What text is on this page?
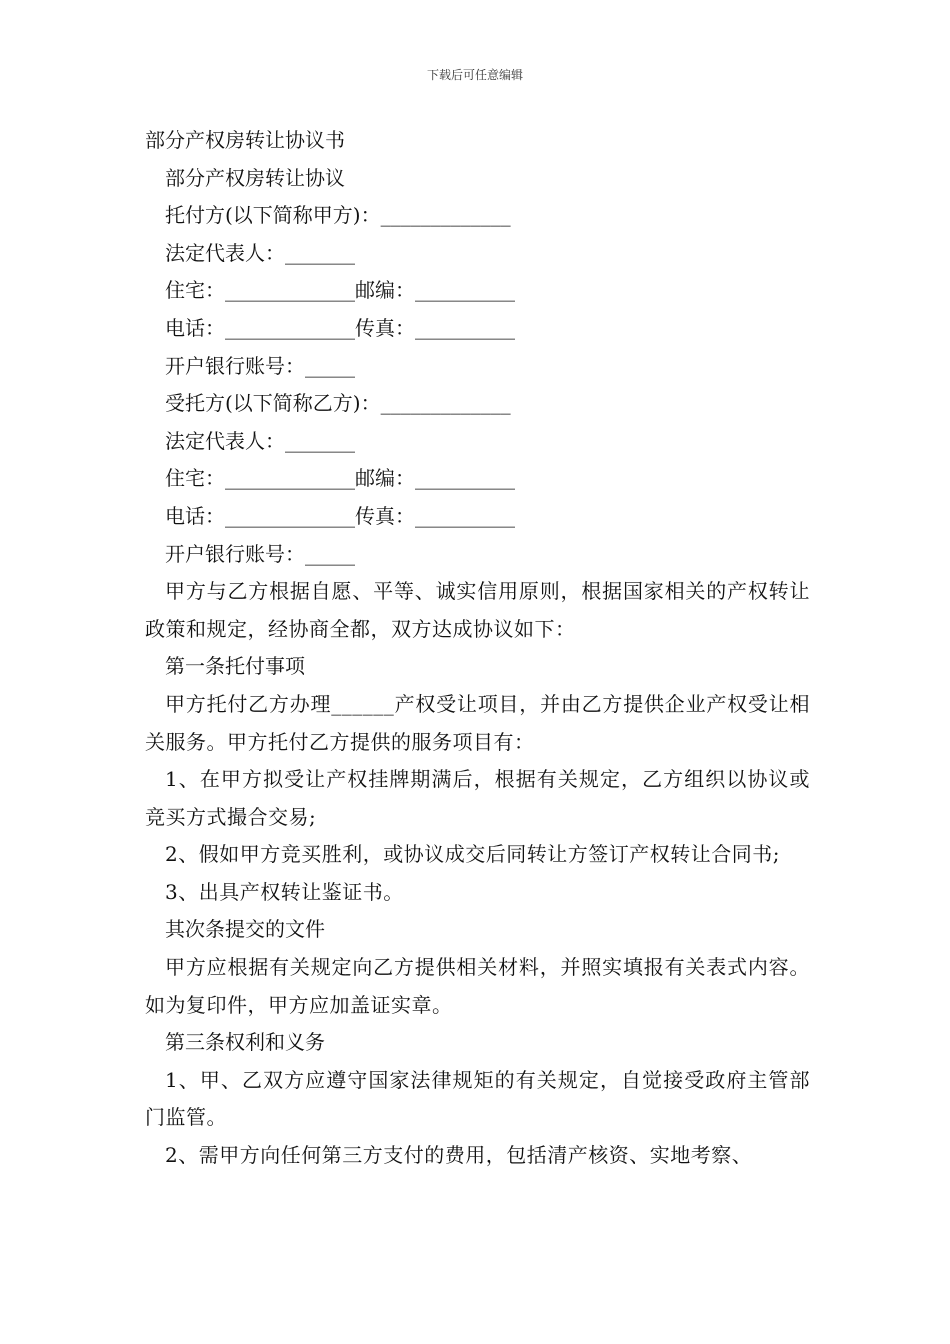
下载后可任意编辑
部分产权房转让协议书
部分产权房转让协议
托付方(以下简称甲方)：_____________
法定代表人：_______
住宅：_____________邮编：__________
电话：_____________传真：__________
开户银行账号：_____
受托方(以下简称乙方)：_____________
法定代表人：_______
住宅：_____________邮编：__________
电话：_____________传真：__________
开户银行账号：_____
甲方与乙方根据自愿、平等、诚实信用原则，根据国家相关的产权转让政策和规定，经协商全都，双方达成协议如下：
第一条托付事项
甲方托付乙方办理______产权受让项目，并由乙方提供企业产权受让相关服务。甲方托付乙方提供的服务项目有：
1、在甲方拟受让产权挂牌期满后，根据有关规定，乙方组织以协议或竞买方式撮合交易;
2、假如甲方竞买胜利，或协议成交后同转让方签订产权转让合同书;
3、出具产权转让鉴证书。
其次条提交的文件
甲方应根据有关规定向乙方提供相关材料，并照实填报有关表式内容。如为复印件，甲方应加盖证实章。
第三条权利和义务
1、甲、乙双方应遵守国家法律规矩的有关规定，自觉接受政府主管部门监管。
2、需甲方向任何第三方支付的费用，包括清产核资、实地考察、
